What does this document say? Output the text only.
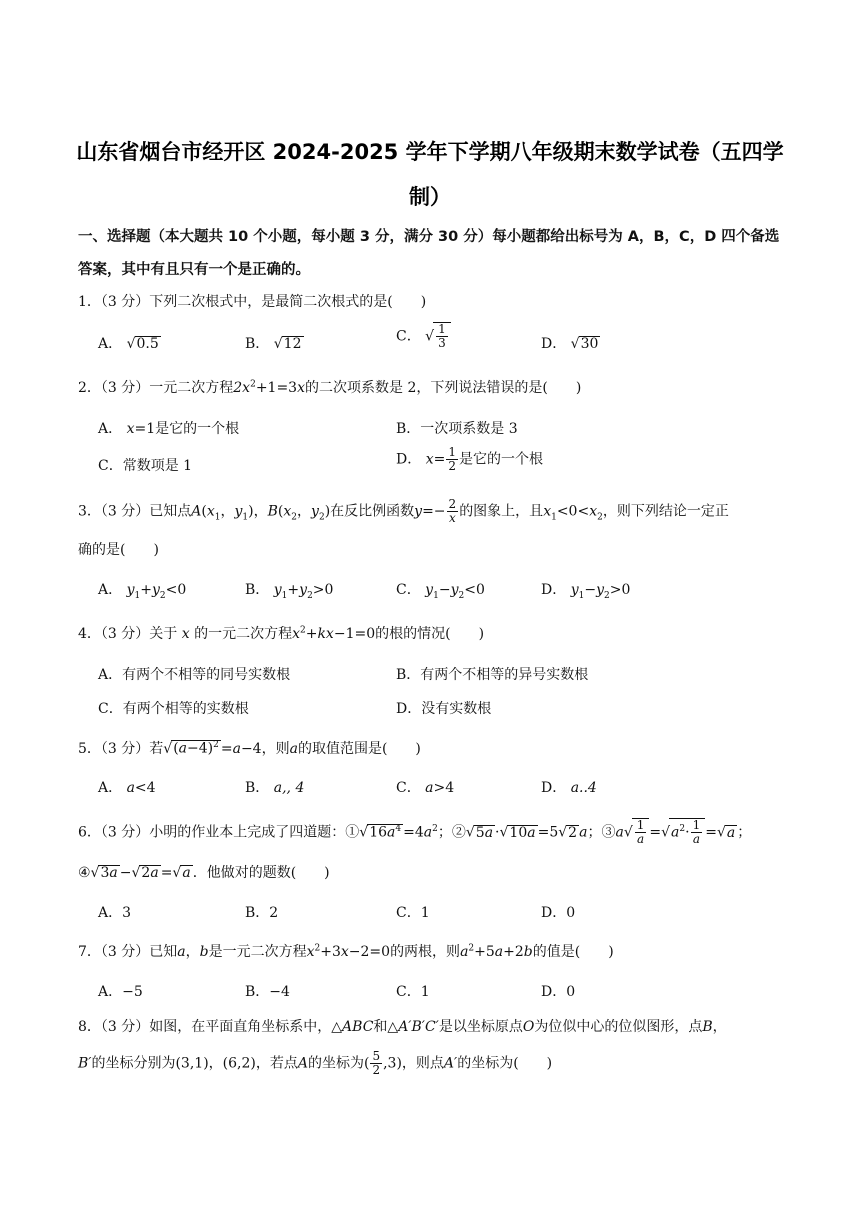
山东省烟台市经开区 2024-2025 学年下学期八年级期末数学试卷（五四学
制）
一、选择题（本大题共 10 个小题，每小题 3 分，满分 30 分）每小题都给出标号为 A，B，C，D 四个备选
答案，其中有且只有一个是正确的。
1．（3 分）下列二次根式中，是最简二次根式的是(　　)
A． √0.5	B． √12	C． √ $\frac{1}{3}$	D． √30
2．（3 分）一元二次方程$2x^2+1=3x$的二次项系数是 2，下列说法错误的是(　　)
A． x=1是它的一个根	B．一次项系数是 3
C．常数项是 1	D． $x= \frac{1}{2}$ 是它的一个根
3．（3 分）已知点$A(x_1$，$y_1$)，$B(x_2$，$y_2$)在反比例函数$y=- \frac{2}{x}$ 的图象上，且$x_1<0<x_2$，则下列结论一定正
确的是(　　)
A． $y_1+y_2<0$	B． $y_1+y_2>0$	C． $y_1-y_2<0$	D． $y_1-y_2>0$
4．（3 分）关于 x 的一元二次方程$x^2+kx-1=0$的根的情况(　　)
A．有两个不相等的同号实数根	B．有两个不相等的异号实数根
C．有两个相等的实数根	D．没有实数根
5．（3 分）若$√(a-4)^2 =a-4$，则a的取值范围是(　　)
A． a<4	B． a,, 4	C． a>4	D． a..4
6．（3 分）小明的作业本上完成了四道题：$①√16a^4 =4a^2$；②√5a ·√10a =5√2 a；③a√ $\frac{1}{a} =√a^2\cdot \frac{1}{a} =√a$ ；
④√3a −√2a =√a ．他做对的题数(　　)
A．3	B．2	C．1	D．0
7．（3 分）已知a，b是一元二次方程$x^2+3x-2=0$的两根，则$a^2+5a+2b$的值是(　　)
A．−5	B．−4	C．1	D．0
8．（3 分）如图，在平面直角坐标系中，△ABC和△A′B′C′是以坐标原点O为位似中心的位似图形，点B，
B′的坐标分别为(3,1)，(6,2)，若点A的坐标为( $\frac{5}{2} ,3$)，则点A′的坐标为(　　)
